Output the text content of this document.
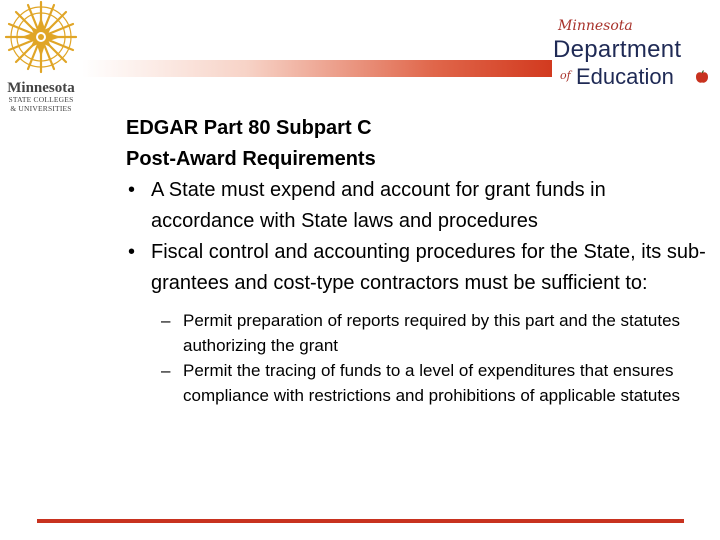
Minnesota
STATE COLLEGES
& UNIVERSITIES
Minnesota
Department
of Education
EDGAR Part 80 Subpart C
Post-Award Requirements
• A State must expend and account for grant funds in accordance with State laws and procedures
• Fiscal control and accounting procedures for the State, its sub-grantees and cost-type contractors must be sufficient to:
– Permit preparation of reports required by this part and the statutes authorizing the grant
– Permit the tracing of funds to a level of expenditures that ensures compliance with restrictions and prohibitions of applicable statutes
